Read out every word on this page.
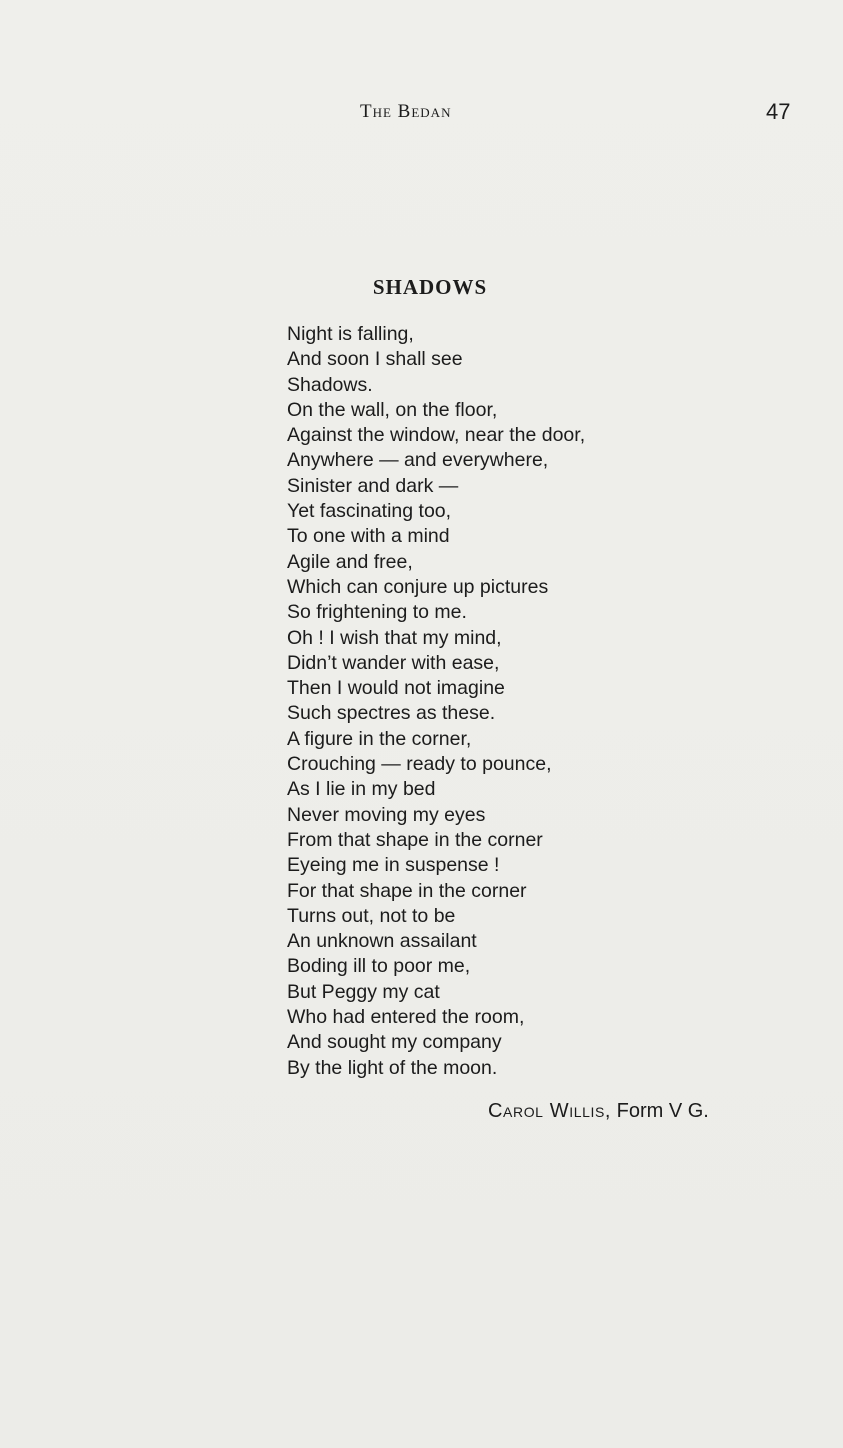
The Bedan	47
SHADOWS
Night is falling,
And soon I shall see
Shadows.
On the wall, on the floor,
Against the window, near the door,
Anywhere — and everywhere,
Sinister and dark —
Yet fascinating too,
To one with a mind
Agile and free,
Which can conjure up pictures
So frightening to me.
Oh ! I wish that my mind,
Didn’t wander with ease,
Then I would not imagine
Such spectres as these.
A figure in the corner,
Crouching — ready to pounce,
As I lie in my bed
Never moving my eyes
From that shape in the corner
Eyeing me in suspense !
For that shape in the corner
Turns out, not to be
An unknown assailant
Boding ill to poor me,
But Peggy my cat
Who had entered the room,
And sought my company
By the light of the moon.
Carol Willis, Form V G.
